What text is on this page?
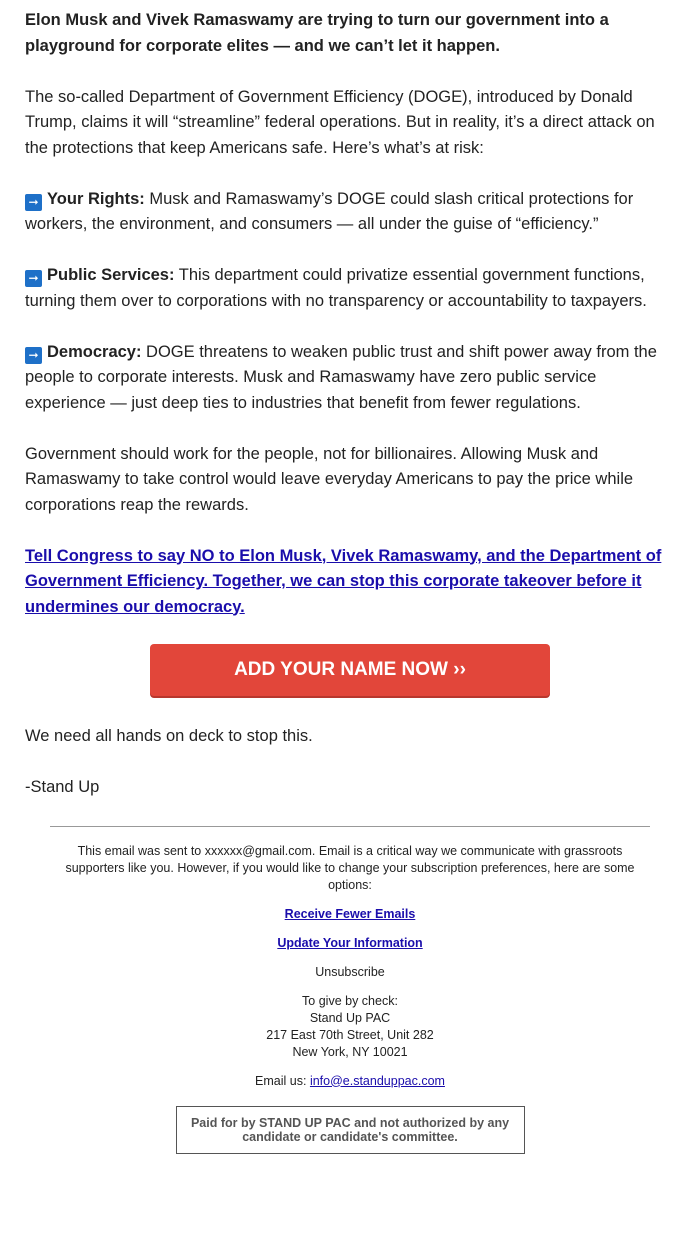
Elon Musk and Vivek Ramaswamy are trying to turn our government into a playground for corporate elites — and we can’t let it happen.

The so-called Department of Government Efficiency (DOGE), introduced by Donald Trump, claims it will “streamline” federal operations. But in reality, it’s a direct attack on the protections that keep Americans safe. Here’s what’s at risk:

➞ Your Rights: Musk and Ramaswamy’s DOGE could slash critical protections for workers, the environment, and consumers — all under the guise of “efficiency.”

➞ Public Services: This department could privatize essential government functions, turning them over to corporations with no transparency or accountability to taxpayers.

➞ Democracy: DOGE threatens to weaken public trust and shift power away from the people to corporate interests. Musk and Ramaswamy have zero public service experience — just deep ties to industries that benefit from fewer regulations.

Government should work for the people, not for billionaires. Allowing Musk and Ramaswamy to take control would leave everyday Americans to pay the price while corporations reap the rewards.

Tell Congress to say NO to Elon Musk, Vivek Ramaswamy, and the Department of Government Efficiency. Together, we can stop this corporate takeover before it undermines our democracy.

ADD YOUR NAME NOW ››

We need all hands on deck to stop this.

-Stand Up

This email was sent to xxxxxx@gmail.com. Email is a critical way we communicate with grassroots supporters like you. However, if you would like to change your subscription preferences, here are some options:

Receive Fewer Emails

Update Your Information

Unsubscribe

To give by check:
Stand Up PAC
217 East 70th Street, Unit 282
New York, NY 10021

Email us: info@e.standuppac.com

Paid for by STAND UP PAC and not authorized by any candidate or candidate's committee.
